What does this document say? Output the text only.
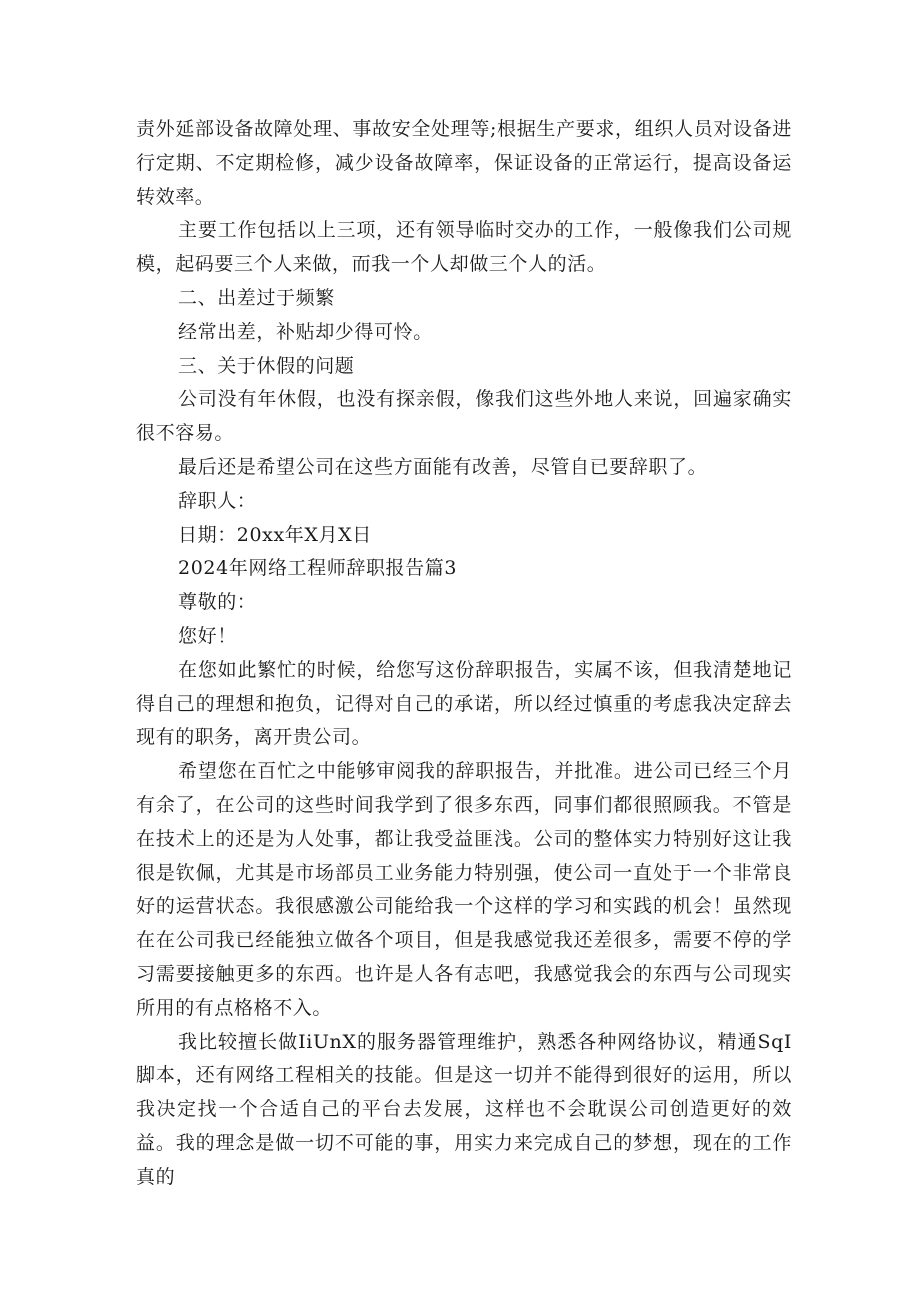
责外延部设备故障处理、事故安全处理等;根据生产要求，组织人员对设备进行定期、不定期检修，减少设备故障率，保证设备的正常运行，提高设备运转效率。

主要工作包括以上三项，还有领导临时交办的工作，一般像我们公司规模，起码要三个人来做，而我一个人却做三个人的活。

二、出差过于频繁

经常出差，补贴却少得可怜。

三、关于休假的问题

公司没有年休假，也没有探亲假，像我们这些外地人来说，回遍家确实很不容易。

最后还是希望公司在这些方面能有改善，尽管自已要辞职了。

辞职人：

日期：20xx年X月X日

2024年网络工程师辞职报告篇3

尊敬的：

您好！

在您如此繁忙的时候，给您写这份辞职报告，实属不该，但我清楚地记得自己的理想和抱负，记得对自己的承诺，所以经过慎重的考虑我决定辞去现有的职务，离开贵公司。

希望您在百忙之中能够审阅我的辞职报告，并批准。进公司已经三个月有余了，在公司的这些时间我学到了很多东西，同事们都很照顾我。不管是在技术上的还是为人处事，都让我受益匪浅。公司的整体实力特别好这让我很是钦佩，尤其是市场部员工业务能力特别强，使公司一直处于一个非常良好的运营状态。我很感激公司能给我一个这样的学习和实践的机会！虽然现在在公司我已经能独立做各个项目，但是我感觉我还差很多，需要不停的学习需要接触更多的东西。也许是人各有志吧，我感觉我会的东西与公司现实所用的有点格格不入。

我比较擅长做IiUnX的服务器管理维护，熟悉各种网络协议，精通SqI脚本，还有网络工程相关的技能。但是这一切并不能得到很好的运用，所以我决定找一个合适自己的平台去发展，这样也不会耽误公司创造更好的效益。我的理念是做一切不可能的事，用实力来完成自己的梦想，现在的工作真的
